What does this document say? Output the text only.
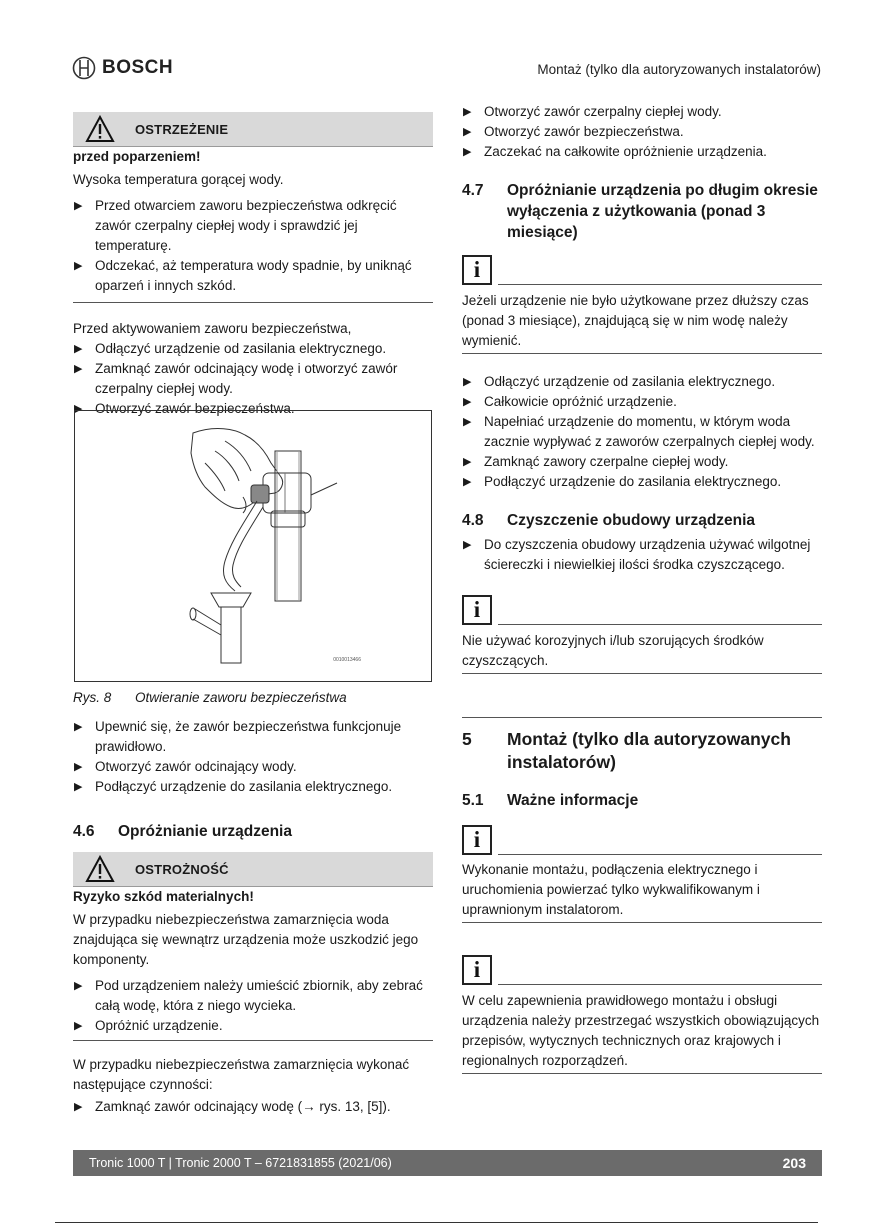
BOSCH	Montaż (tylko dla autoryzowanych instalatorów)
OSTRZEŻENIE
przed poparzeniem!

Wysoka temperatura gorącej wody.

▶ Przed otwarciem zaworu bezpieczeństwa odkręcić zawór czerpalny ciepłej wody i sprawdzić jej temperaturę.
▶ Odczekać, aż temperatura wody spadnie, by uniknąć oparzeń i innych szkód.

Przed aktywowaniem zaworu bezpieczeństwa,

▶ Odłączyć urządzenie od zasilania elektrycznego.
▶ Zamknąć zawór odcinający wodę i otworzyć zawór czerpalny ciepłej wody.
▶ Otworzyć zawór bezpieczeństwa.
0010013466
Rys. 8	Otwieranie zaworu bezpieczeństwa
▶ Upewnić się, że zawór bezpieczeństwa funkcjonuje prawidłowo.
▶ Otworzyć zawór odcinający wody.
▶ Podłączyć urządzenie do zasilania elektrycznego.
4.6	Opróżnianie urządzenia
OSTROŻNOŚĆ
Ryzyko szkód materialnych!

W przypadku niebezpieczeństwa zamarznięcia woda znajdująca się wewnątrz urządzenia może uszkodzić jego komponenty.

▶ Pod urządzeniem należy umieścić zbiornik, aby zebrać całą wodę, która z niego wycieka.
▶ Opróżnić urządzenie.

W przypadku niebezpieczeństwa zamarznięcia wykonać następujące czynności:

▶ Zamknąć zawór odcinający wodę (→ rys. 13, [5]).
▶ Otworzyć zawór czerpalny ciepłej wody.
▶ Otworzyć zawór bezpieczeństwa.
▶ Zaczekać na całkowite opróżnienie urządzenia.
4.7	Opróżnianie urządzenia po długim okresie wyłączenia z użytkowania (ponad 3 miesiące)
i

Jeżeli urządzenie nie było użytkowane przez dłuższy czas (ponad 3 miesiące), znajdującą się w nim wodę należy wymienić.

▶ Odłączyć urządzenie od zasilania elektrycznego.
▶ Całkowicie opróżnić urządzenie.
▶ Napełniać urządzenie do momentu, w którym woda zacznie wypływać z zaworów czerpalnych ciepłej wody.
▶ Zamknąć zawory czerpalne ciepłej wody.
▶ Podłączyć urządzenie do zasilania elektrycznego.
4.8	Czyszczenie obudowy urządzenia
▶ Do czyszczenia obudowy urządzenia używać wilgotnej ściereczki i niewielkiej ilości środka czyszczącego.
i

Nie używać korozyjnych i/lub szorujących środków czyszczących.

5	Montaż (tylko dla autoryzowanych instalatorów)
5.1	Ważne informacje
i

Wykonanie montażu, podłączenia elektrycznego i uruchomienia powierzać tylko wykwalifikowanym i uprawnionym instalatorom.

i

W celu zapewnienia prawidłowego montażu i obsługi urządzenia należy przestrzegać wszystkich obowiązujących przepisów, wytycznych technicznych oraz krajowych i regionalnych rozporządzeń.

Tronic 1000 T | Tronic 2000 T – 6721831855 (2021/06)	203
